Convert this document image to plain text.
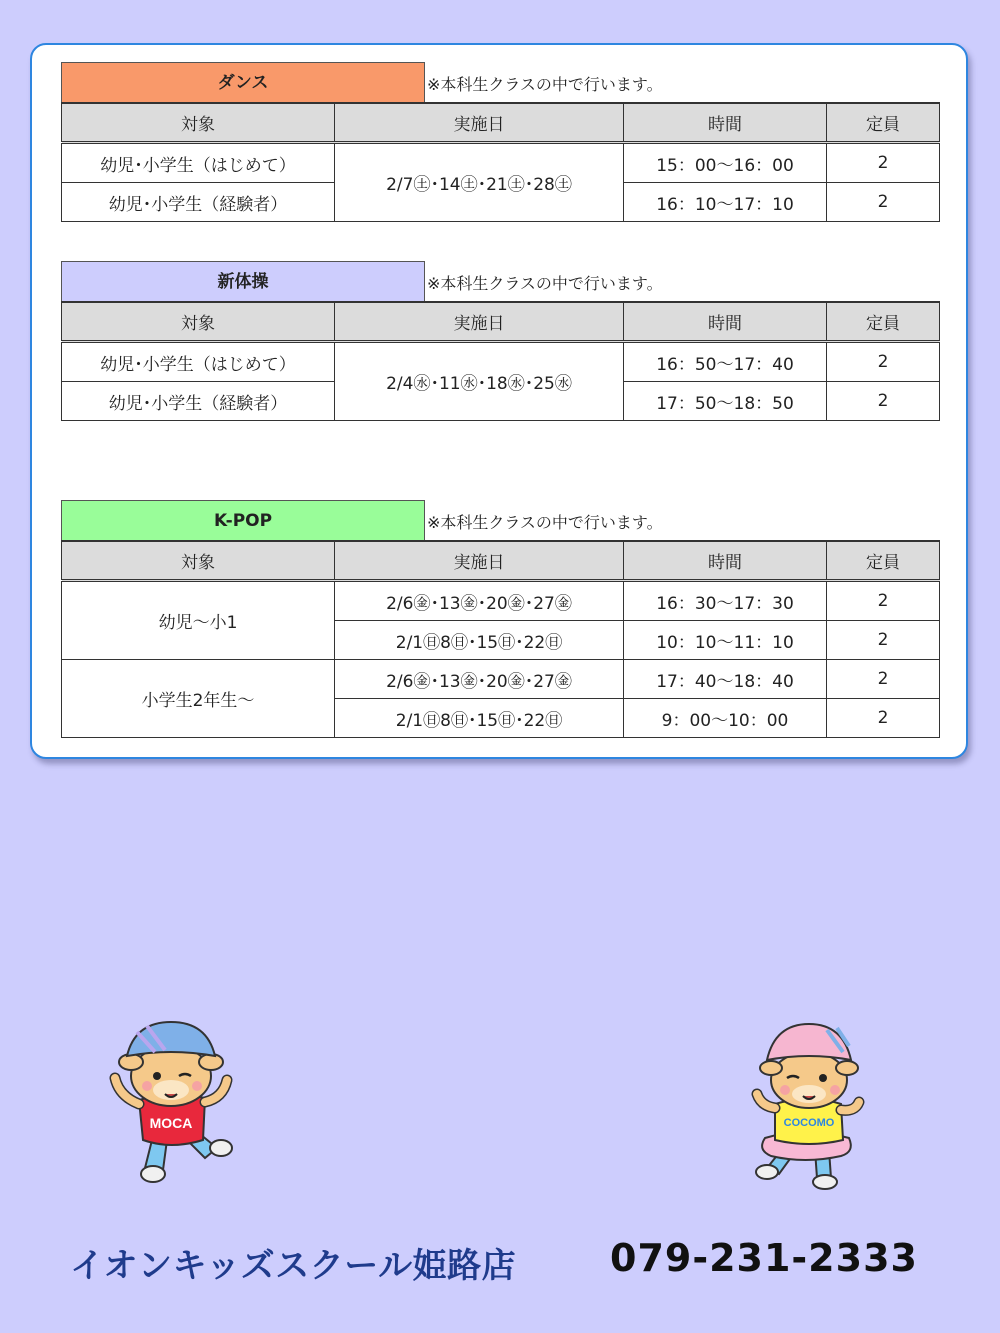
ダンス	※本科生クラスの中で行います。
対象	実施日	時間	定員
幼児･小学生（はじめて）	2/7㊏･14㊏･21㊏･28㊏	15：00～16：00	2
幼児･小学生（経験者）		16：10～17：10	2
新体操	※本科生クラスの中で行います。
対象	実施日	時間	定員
幼児･小学生（はじめて）	2/4㊌･11㊌･18㊌･25㊌	16：50～17：40	2
幼児･小学生（経験者）		17：50～18：50	2
K-POP	※本科生クラスの中で行います。
対象	実施日	時間	定員
幼児～小1	2/6㊎･13㊎･20㊎･27㊎	16：30～17：30	2
	2/1㊐8㊐･15㊐･22㊐	10：10～11：10	2
小学生2年生～	2/6㊎･13㊎･20㊎･27㊎	17：40～18：40	2
	2/1㊐8㊐･15㊐･22㊐	9：00～10：00	2
MOCA	COCOMO
イオンキッズスクール姫路店 079-231-2333
